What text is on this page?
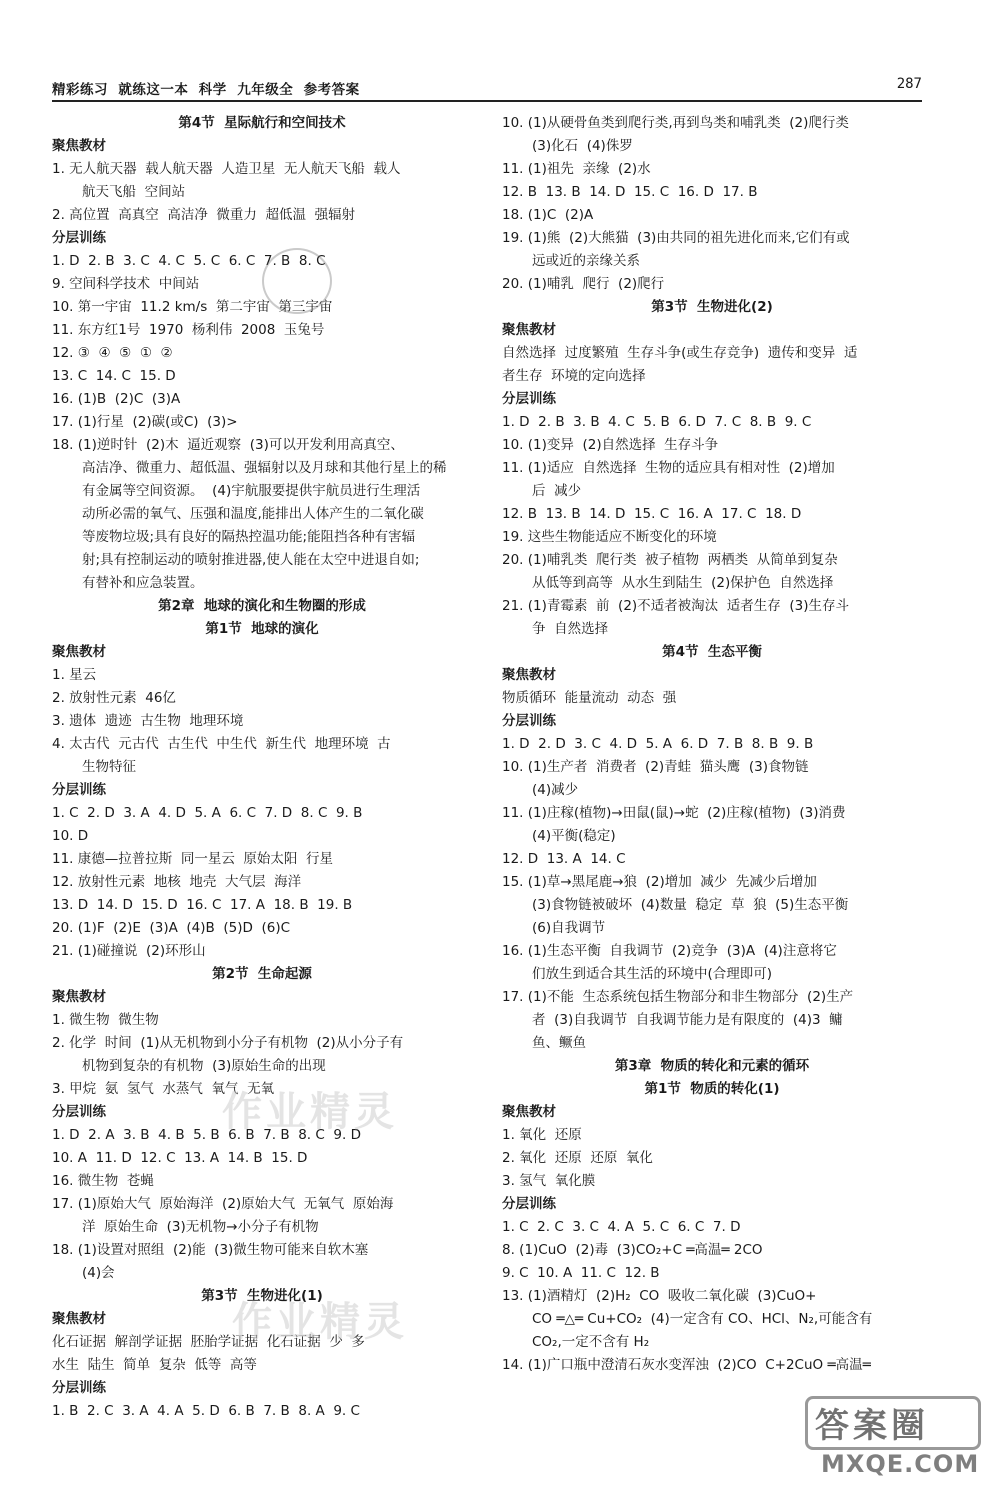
精彩练习  就练这一本  科学  九年级全  参考答案	287
第4节  星际航行和空间技术
聚焦教材
1. 无人航天器  载人航天器  人造卫星  无人航天飞船  载人
航天飞船  空间站
2. 高位置  高真空  高洁净  微重力  超低温  强辐射
分层训练
1. D  2. B  3. C  4. C  5. C  6. C  7. B  8. C
9. 空间科学技术  中间站
10. 第一宇宙  11.2 km/s  第二宇宙  第三宇宙
11. 东方红1号  1970  杨利伟  2008  玉兔号
12. ③  ④  ⑤  ①  ②
13. C  14. C  15. D
16. (1)B  (2)C  (3)A
17. (1)行星  (2)碳(或C)  (3)>
18. (1)逆时针  (2)木  逼近观察  (3)可以开发利用高真空、
高洁净、微重力、超低温、强辐射以及月球和其他行星上的稀
有金属等空间资源。  (4)宇航服要提供宇航员进行生理活
动所必需的氧气、压强和温度,能排出人体产生的二氧化碳
等废物垃圾;具有良好的隔热控温功能;能阻挡各种有害辐
射;具有控制运动的喷射推进器,使人能在太空中进退自如;
有替补和应急装置。
第2章  地球的演化和生物圈的形成
第1节  地球的演化
聚焦教材
1. 星云
2. 放射性元素  46亿
3. 遗体  遗迹  古生物  地理环境
4. 太古代  元古代  古生代  中生代  新生代  地理环境  古
生物特征
分层训练
1. C  2. D  3. A  4. D  5. A  6. C  7. D  8. C  9. B
10. D
11. 康德—拉普拉斯  同一星云  原始太阳  行星
12. 放射性元素  地核  地壳  大气层  海洋
13. D  14. D  15. D  16. C  17. A  18. B  19. B
20. (1)F  (2)E  (3)A  (4)B  (5)D  (6)C
21. (1)碰撞说  (2)环形山
第2节  生命起源
聚焦教材
1. 微生物  微生物
2. 化学  时间  (1)从无机物到小分子有机物  (2)从小分子有
机物到复杂的有机物  (3)原始生命的出现
3. 甲烷  氨  氢气  水蒸气  氧气  无氧
分层训练
1. D  2. A  3. B  4. B  5. B  6. B  7. B  8. C  9. D
10. A  11. D  12. C  13. A  14. B  15. D
16. 微生物  苍蝇
17. (1)原始大气  原始海洋  (2)原始大气  无氧气  原始海
洋  原始生命  (3)无机物→小分子有机物
18. (1)设置对照组  (2)能  (3)微生物可能来自软木塞
(4)会
第3节  生物进化(1)
聚焦教材
化石证据  解剖学证据  胚胎学证据  化石证据  少  多
水生  陆生  简单  复杂  低等  高等
分层训练
1. B  2. C  3. A  4. A  5. D  6. B  7. B  8. A  9. C
10. (1)从硬骨鱼类到爬行类,再到鸟类和哺乳类  (2)爬行类
(3)化石  (4)侏罗
11. (1)祖先  亲缘  (2)水
12. B  13. B  14. D  15. C  16. D  17. B
18. (1)C  (2)A
19. (1)熊  (2)大熊猫  (3)由共同的祖先进化而来,它们有或
远或近的亲缘关系
20. (1)哺乳  爬行  (2)爬行
第3节  生物进化(2)
聚焦教材
自然选择  过度繁殖  生存斗争(或生存竞争)  遗传和变异  适
者生存  环境的定向选择
分层训练
1. D  2. B  3. B  4. C  5. B  6. D  7. C  8. B  9. C
10. (1)变异  (2)自然选择  生存斗争
11. (1)适应  自然选择  生物的适应具有相对性  (2)增加
后  减少
12. B  13. B  14. D  15. C  16. A  17. C  18. D
19. 这些生物能适应不断变化的环境
20. (1)哺乳类  爬行类  被子植物  两栖类  从简单到复杂
从低等到高等  从水生到陆生  (2)保护色  自然选择
21. (1)青霉素  前  (2)不适者被淘汰  适者生存  (3)生存斗
争  自然选择
第4节  生态平衡
聚焦教材
物质循环  能量流动  动态  强
分层训练
1. D  2. D  3. C  4. D  5. A  6. D  7. B  8. B  9. B
10. (1)生产者  消费者  (2)青蛙  猫头鹰  (3)食物链
(4)减少
11. (1)庄稼(植物)→田鼠(鼠)→蛇  (2)庄稼(植物)  (3)消费
(4)平衡(稳定)
12. D  13. A  14. C
15. (1)草→黑尾鹿→狼  (2)增加  减少  先减少后增加
(3)食物链被破坏  (4)数量  稳定  草  狼  (5)生态平衡
(6)自我调节
16. (1)生态平衡  自我调节  (2)竞争  (3)A  (4)注意将它
们放生到适合其生活的环境中(合理即可)
17. (1)不能  生态系统包括生物部分和非生物部分  (2)生产
者  (3)自我调节  自我调节能力是有限度的  (4)3  鳙
鱼、鳜鱼
第3章  物质的转化和元素的循环
第1节  物质的转化(1)
聚焦教材
1. 氧化  还原
2. 氧化  还原  还原  氧化
3. 氢气  氧化膜
分层训练
1. C  2. C  3. C  4. A  5. C  6. C  7. D
8. (1)CuO  (2)毒  (3)CO₂+C ═高温═ 2CO
9. C  10. A  11. C  12. B
13. (1)酒精灯  (2)H₂  CO  吸收二氧化碳  (3)CuO+
CO ═△═ Cu+CO₂  (4)一定含有 CO、HCl、N₂,可能含有
CO₂,一定不含有 H₂
14. (1)广口瓶中澄清石灰水变浑浊  (2)CO  C+2CuO ═高温═
作业精灵
作业精灵
答案圈
MXQE.COM
